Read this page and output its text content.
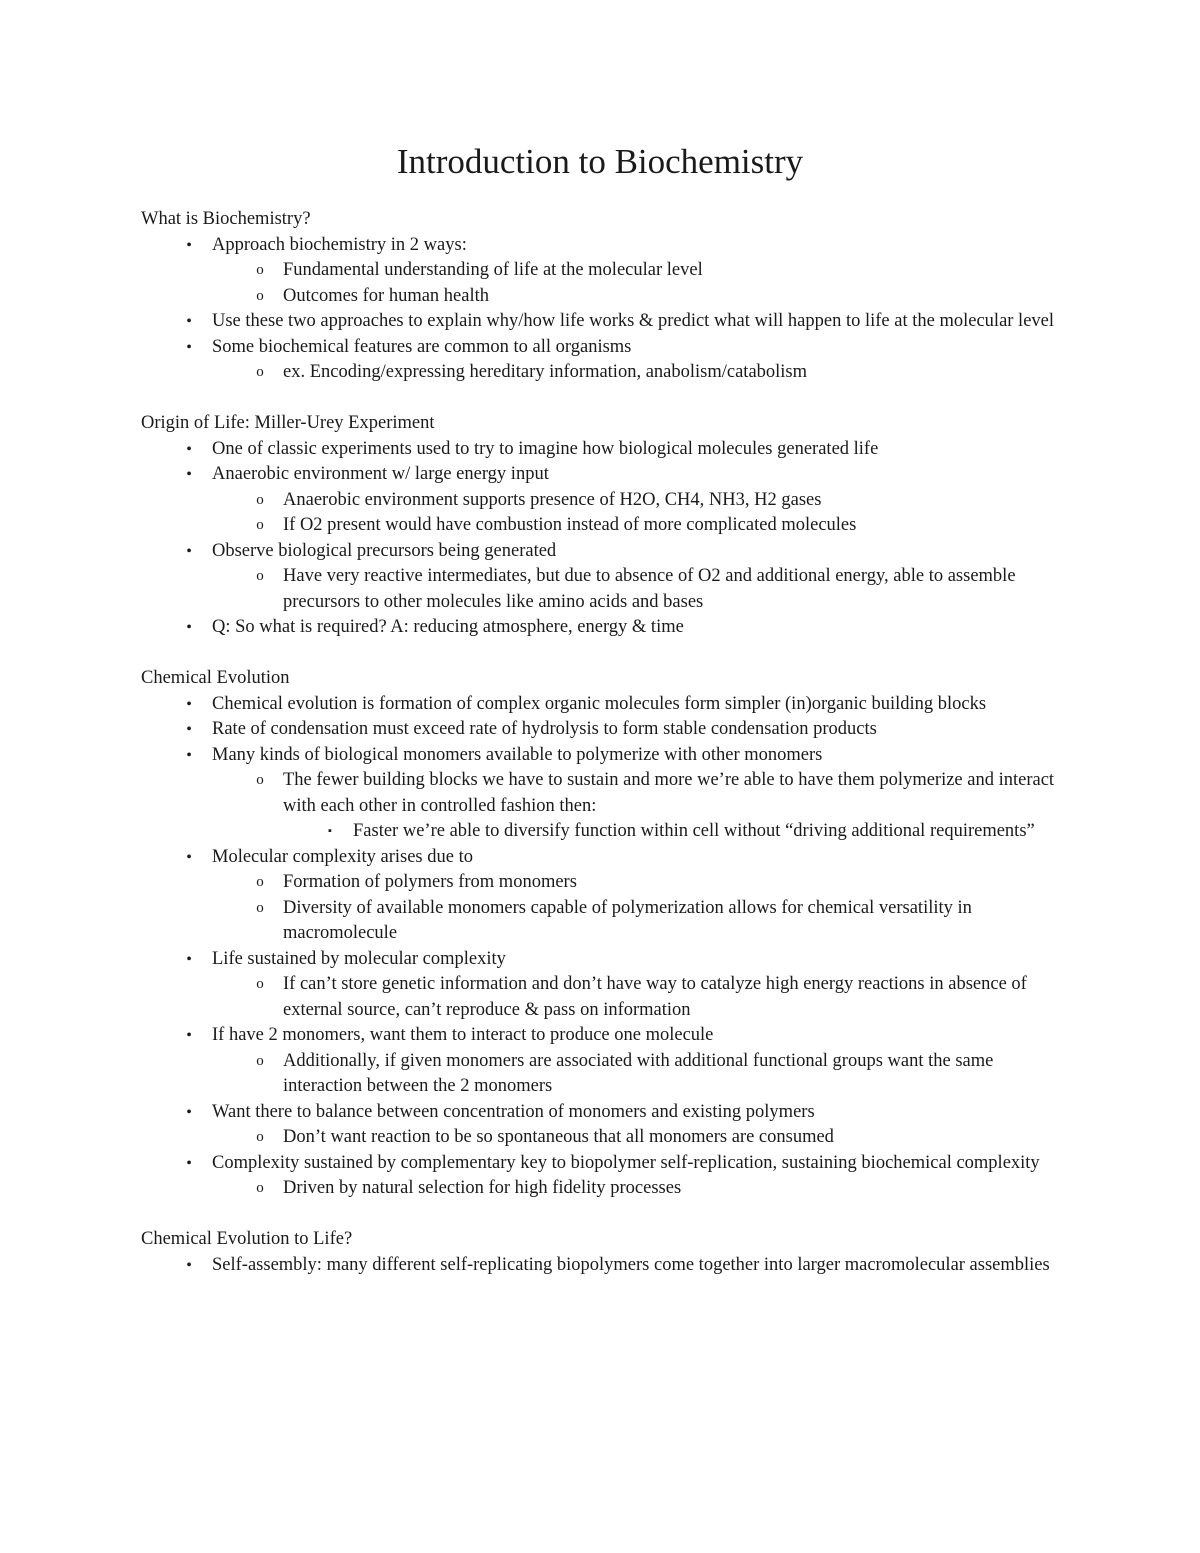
Introduction to Biochemistry

What is Biochemistry?

•	Approach biochemistry in 2 ways:
o	Fundamental understanding of life at the molecular level
o	Outcomes for human health
•	Use these two approaches to explain why/how life works & predict what will happen to life at the molecular level
•	Some biochemical features are common to all organisms
o	ex. Encoding/expressing hereditary information, anabolism/catabolism

Origin of Life: Miller-Urey Experiment

•	One of classic experiments used to try to imagine how biological molecules generated life
•	Anaerobic environment w/ large energy input
o	Anaerobic environment supports presence of H2O, CH4, NH3, H2 gases
o	If O2 present would have combustion instead of more complicated molecules
•	Observe biological precursors being generated
o	Have very reactive intermediates, but due to absence of O2 and additional energy, able to assemble precursors to other molecules like amino acids and bases
•	Q: So what is required? A: reducing atmosphere, energy & time

Chemical Evolution

•	Chemical evolution is formation of complex organic molecules form simpler (in)organic building blocks
•	Rate of condensation must exceed rate of hydrolysis to form stable condensation products
•	Many kinds of biological monomers available to polymerize with other monomers
o	The fewer building blocks we have to sustain and more we’re able to have them polymerize and interact with each other in controlled fashion then:
▪	Faster we’re able to diversify function within cell without “driving additional requirements”
•	Molecular complexity arises due to
o	Formation of polymers from monomers
o	Diversity of available monomers capable of polymerization allows for chemical versatility in macromolecule
•	Life sustained by molecular complexity
o	If can’t store genetic information and don’t have way to catalyze high energy reactions in absence of external source, can’t reproduce & pass on information
•	If have 2 monomers, want them to interact to produce one molecule
o	Additionally, if given monomers are associated with additional functional groups want the same interaction between the 2 monomers
•	Want there to balance between concentration of monomers and existing polymers
o	Don’t want reaction to be so spontaneous that all monomers are consumed
•	Complexity sustained by complementary key to biopolymer self-replication, sustaining biochemical complexity
o	Driven by natural selection for high fidelity processes

Chemical Evolution to Life?

•	Self-assembly: many different self-replicating biopolymers come together into larger macromolecular assemblies
